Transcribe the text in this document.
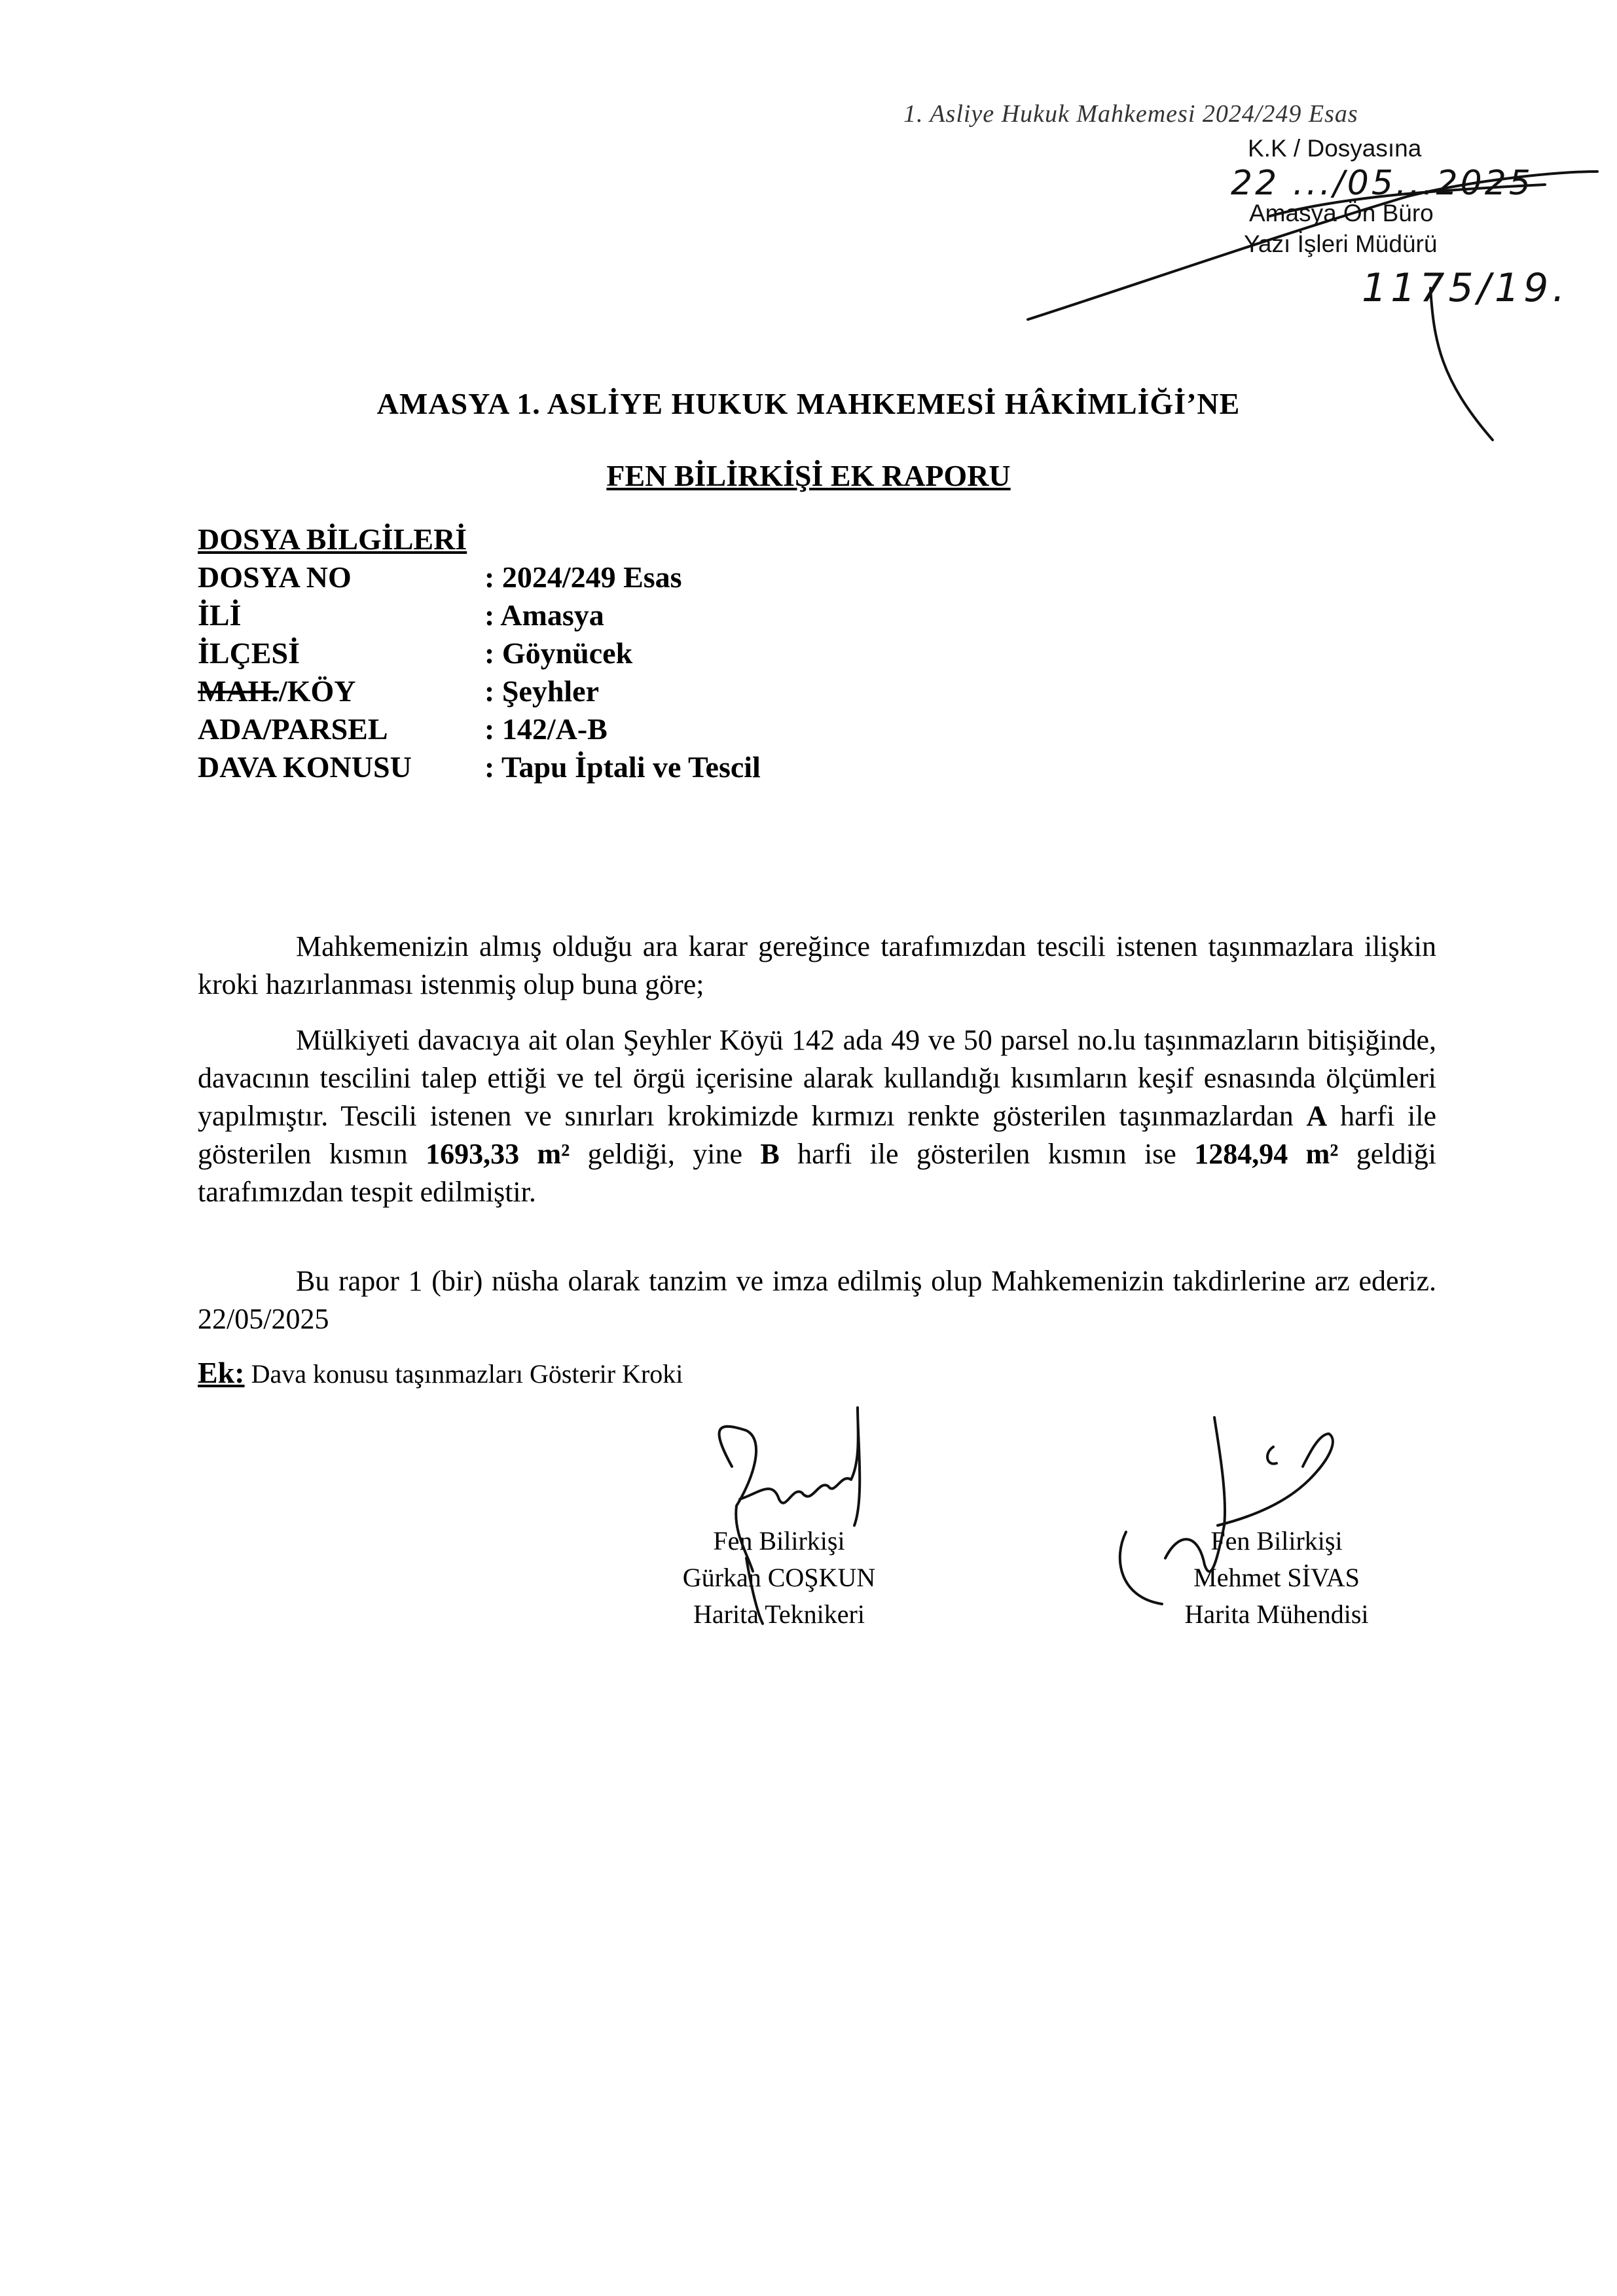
1. Asliye Hukuk Mahkemesi 2024/249 Esas
K.K / Dosyasına
22 .../05...2025
Amasya Ön Büro
Yazı İşleri Müdürü
1175/19.
AMASYA 1. ASLİYE HUKUK MAHKEMESİ HÂKİMLİĞİ’NE
FEN BİLİRKİŞİ EK RAPORU
DOSYA BİLGİLERİ
DOSYA NO	: 2024/249 Esas
İLİ	: Amasya
İLÇESİ	: Göynücek
MAH./KÖY	: Şeyhler
ADA/PARSEL	: 142/A-B
DAVA KONUSU	: Tapu İptali ve Tescil

Mahkemenizin almış olduğu ara karar gereğince tarafımızdan tescili istenen taşınmazlara ilişkin kroki hazırlanması istenmiş olup buna göre;

Mülkiyeti davacıya ait olan Şeyhler Köyü 142 ada 49 ve 50 parsel no.lu taşınmazların bitişiğinde, davacının tescilini talep ettiği ve tel örgü içerisine alarak kullandığı kısımların keşif esnasında ölçümleri yapılmıştır. Tescili istenen ve sınırları krokimizde kırmızı renkte gösterilen taşınmazlardan A harfi ile gösterilen kısmın 1693,33 m² geldiği, yine B harfi ile gösterilen kısmın ise 1284,94 m² geldiği tarafımızdan tespit edilmiştir.

Bu rapor 1 (bir) nüsha olarak tanzim ve imza edilmiş olup Mahkemenizin takdirlerine arz ederiz. 22/05/2025

Ek: Dava konusu taşınmazları Gösterir Kroki
Fen Bilirkişi
Gürkan COŞKUN
Harita Teknikeri
Fen Bilirkişi
Mehmet SİVAS
Harita Mühendisi
